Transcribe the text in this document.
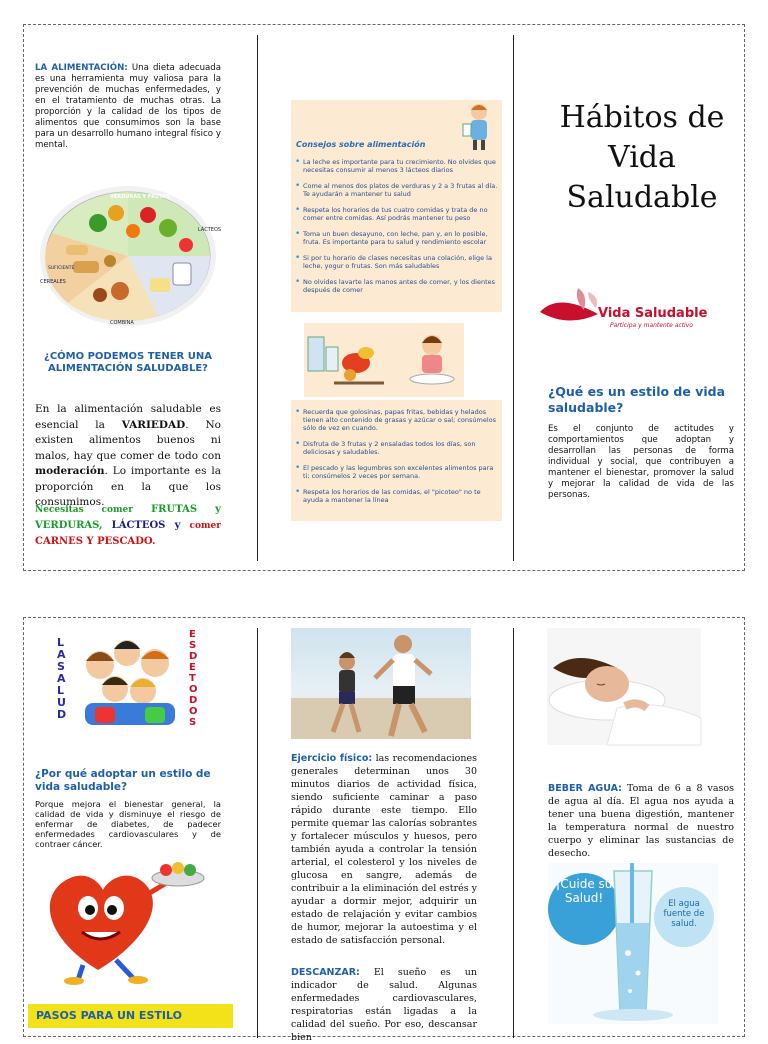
LA ALIMENTACIÓN: Una dieta adecuada es una herramienta muy valiosa para la prevención de muchas enfermedades, y en el tratamiento de muchas otras. La proporción y la calidad de los tipos de alimentos que consumimos son la base para un desarrollo humano integral físico y mental.
VERDURAS Y FRUTAS
LÁCTEOS
COMBINA
CEREALES
SUFICIENTE
¿CÓMO PODEMOS TENER UNA ALIMENTACIÓN SALUDABLE?
En la alimentación saludable es esencial la VARIEDAD. No existen alimentos buenos ni malos, hay que comer de todo con moderación. Lo importante es la proporción en la que los consumimos.
Necesitas comer FRUTAS y VERDURAS, LÁCTEOS y comer CARNES Y PESCADO.
Consejos sobre alimentación
• La leche es importante para tu crecimiento. No olvides que necesitas consumir al menos 3 lácteos diarios
• Come al menos dos platos de verduras y 2 a 3 frutas al día. Te ayudarán a mantener tu salud
• Respeta los horarios de tus cuatro comidas y trata de no comer entre comidas. Así podrás mantener tu peso
• Toma un buen desayuno, con leche, pan y, en lo posible, fruta. Es importante para tu salud y rendimiento escolar
• Si por tu horario de clases necesitas una colación, elige la leche, yogur o frutas. Son más saludables
• No olvides lavarte las manos antes de comer, y los dientes después de comer
• Recuerda que golosinas, papas fritas, bebidas y helados tienen alto contenido de grasas y azúcar o sal; consúmelos sólo de vez en cuando.
• Disfruta de 3 frutas y 2 ensaladas todos los días, son deliciosas y saludables.
• El pescado y las legumbres son excelentes alimentos para ti; consúmelos 2 veces por semana.
• Respeta los horarios de las comidas, el "picoteo" no te ayuda a mantener la línea
Hábitos de
Vida
Saludable
Vida Saludable
Participa y mantente activo
¿Qué es un estilo de vida saludable?
Es el conjunto de actitudes y comportamientos que adoptan y desarrollan las personas de forma individual y social, que contribuyen a mantener el bienestar, promover la salud y mejorar la calidad de vida de las personas.
LA SALUD
ES DE TODOS
¿Por qué adoptar un estilo de vida saludable?
Porque mejora el bienestar general, la calidad de vida y disminuye el riesgo de enfermar de diabetes, de padecer enfermedades cardiovasculares y de contraer cáncer.
PASOS PARA UN ESTILO
Ejercicio físico: las recomendaciones generales determinan unos 30 minutos diarios de actividad física, siendo suficiente caminar a paso rápido durante este tiempo. Ello permite quemar las calorías sobrantes y fortalecer músculos y huesos, pero también ayuda a controlar la tensión arterial, el colesterol y los niveles de glucosa en sangre, además de contribuir a la eliminación del estrés y ayudar a dormir mejor, adquirir un estado de relajación y evitar cambios de humor, mejorar la autoestima y el estado de satisfacción personal.
DESCANZAR: El sueño es un indicador de salud. Algunas enfermedades cardiovasculares, respiratorias están ligadas a la calidad del sueño. Por eso, descansar bien
BEBER AGUA: Toma de 6 a 8 vasos de agua al día. El agua nos ayuda a tener una buena digestión, mantener la temperatura normal de nuestro cuerpo y eliminar las sustancias de desecho.
¡Cuide su Salud!	El agua fuente de salud.
